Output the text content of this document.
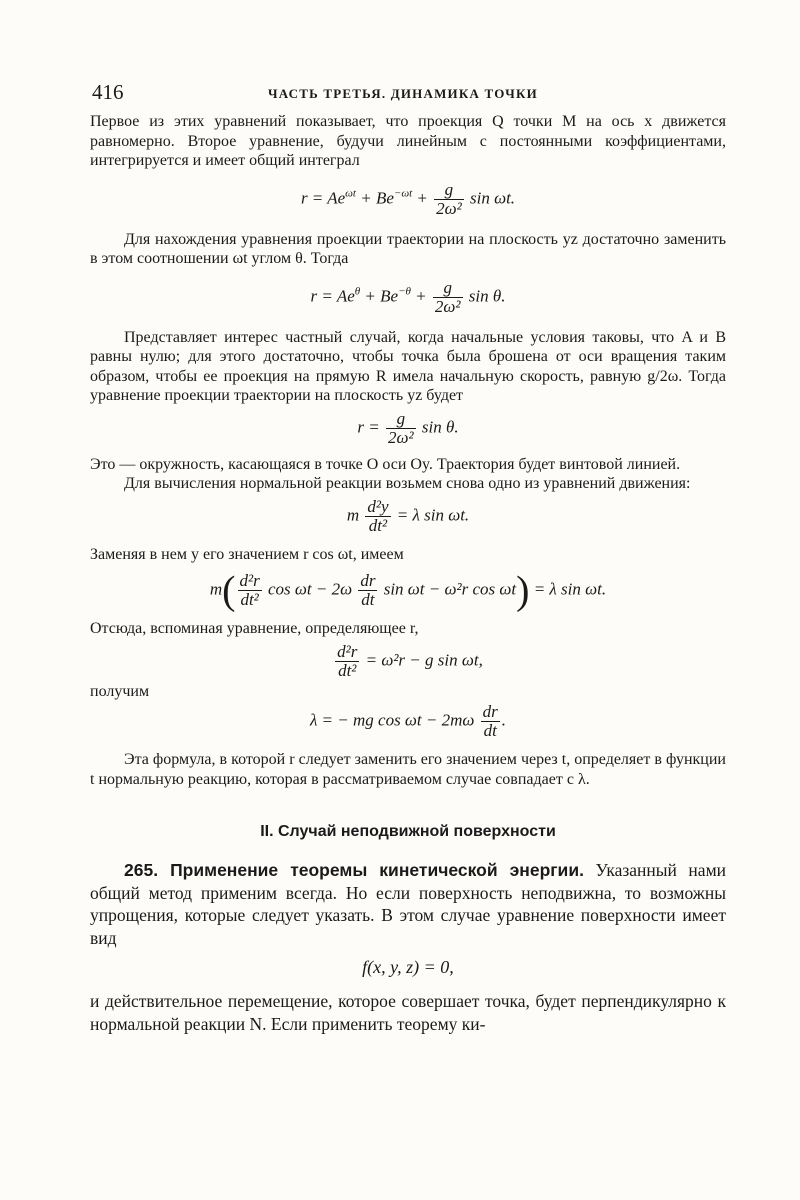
416	ЧАСТЬ ТРЕТЬЯ. ДИНАМИКА ТОЧКИ

Первое из этих уравнений показывает, что проекция Q точки M на ось x движется равномерно. Второе уравнение, будучи линейным с постоянными коэффициентами, интегрируется и имеет общий интеграл

$r = Ae^{\omega t} + Be^{-\omega t} + \frac{g}{\text{2ω²}}$ sin ωt.

Для нахождения уравнения проекции траектории на плоскость yz достаточно заменить в этом соотношении ωt углом θ. Тогда

$r = Ae^\theta + Be^{-\theta} + \frac{g}{\text{2ω²}}$ sin θ.

Представляет интерес частный случай, когда начальные условия таковы, что A и B равны нулю; для этого достаточно, чтобы точка была брошена от оси вращения таким образом, чтобы ее проекция на прямую R имела начальную скорость, равную g/2ω. Тогда уравнение проекции траектории на плоскость yz будет

$r = \frac{g}{\text{2ω²}}$ sin θ.

Это — окружность, касающаяся в точке O оси Oy. Траектория будет винтовой линией.

Для вычисления нормальной реакции возьмем снова одно из уравнений движения:

m $\frac{\text{d²y}}{\text{dt²}} = \lambda$ sin ωt.

Заменяя в нем y его значением r cos ωt, имеем

$m( \frac{\text{d²r}}{\text{dt²}}$ $\cos \omega t - 2\omega \frac{dr}{dt}$ sin ωt − ω²r cos ωt) = λ sin ωt.

Отсюда, вспоминая уравнение, определяющее r,

$\frac{\text{d²r}}{\text{dt²}} = \omega^2r - g$ sin ωt,

получим

λ = − mg $\cos \omega t - 2m\omega \frac{dr}{dt}$ .

Эта формула, в которой r следует заменить его значением через t, определяет в функции t нормальную реакцию, которая в рассматриваемом случае совпадает с λ.

II. Случай неподвижной поверхности

265. Применение теоремы кинетической энергии. Указанный нами общий метод применим всегда. Но если поверхность неподвижна, то возможны упрощения, которые следует указать. В этом случае уравнение поверхности имеет вид

f(x, y, z) = 0,

и действительное перемещение, которое совершает точка, будет перпендикулярно к нормальной реакции N. Если применить теорему ки-
